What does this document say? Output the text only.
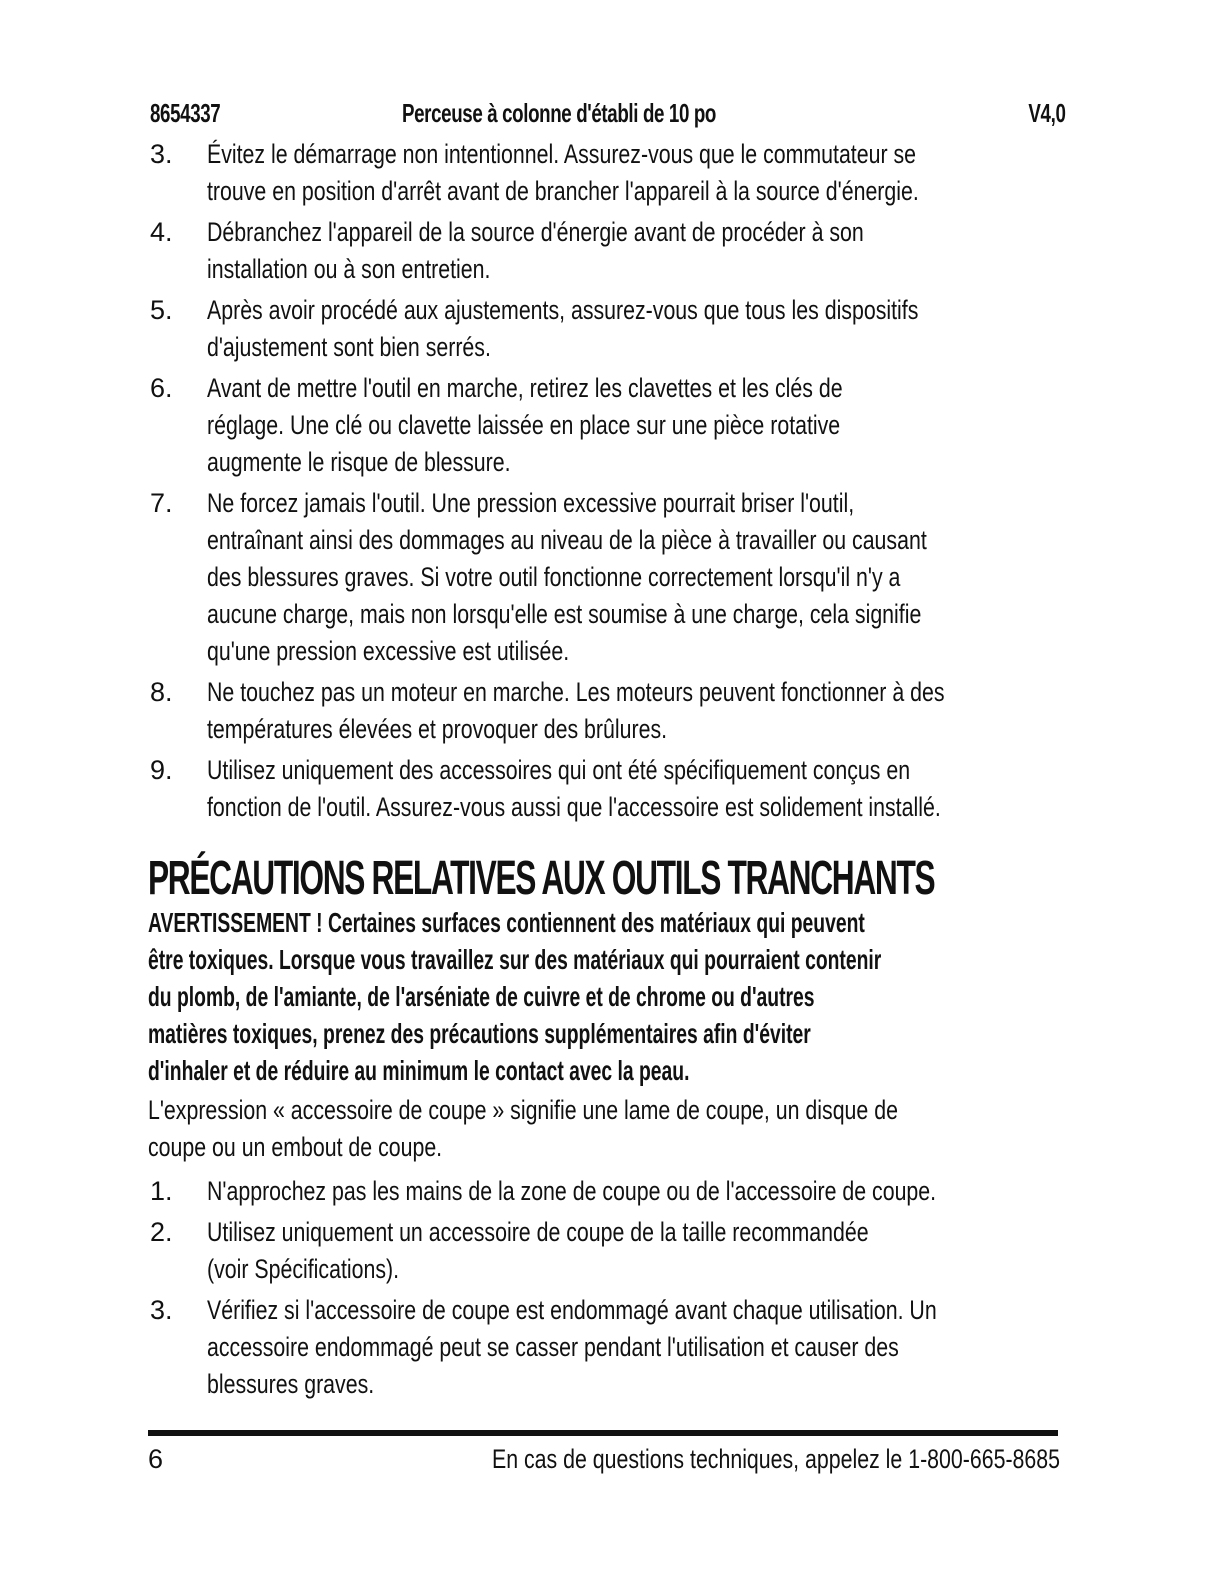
8654337	Perceuse à colonne d'établi de 10 po	V4,0
3. Évitez le démarrage non intentionnel. Assurez-vous que le commutateur se
trouve en position d'arrêt avant de brancher l'appareil à la source d'énergie.
4. Débranchez l'appareil de la source d'énergie avant de procéder à son
installation ou à son entretien.
5. Après avoir procédé aux ajustements, assurez-vous que tous les dispositifs
d'ajustement sont bien serrés.
6. Avant de mettre l'outil en marche, retirez les clavettes et les clés de
réglage. Une clé ou clavette laissée en place sur une pièce rotative
augmente le risque de blessure.
7. Ne forcez jamais l'outil. Une pression excessive pourrait briser l'outil,
entraînant ainsi des dommages au niveau de la pièce à travailler ou causant
des blessures graves. Si votre outil fonctionne correctement lorsqu'il n'y a
aucune charge, mais non lorsqu'elle est soumise à une charge, cela signifie
qu'une pression excessive est utilisée.
8. Ne touchez pas un moteur en marche. Les moteurs peuvent fonctionner à des
températures élevées et provoquer des brûlures.
9. Utilisez uniquement des accessoires qui ont été spécifiquement conçus en
fonction de l'outil. Assurez-vous aussi que l'accessoire est solidement installé.
PRÉCAUTIONS RELATIVES AUX OUTILS TRANCHANTS
AVERTISSEMENT ! Certaines surfaces contiennent des matériaux qui peuvent
être toxiques. Lorsque vous travaillez sur des matériaux qui pourraient contenir
du plomb, de l'amiante, de l'arséniate de cuivre et de chrome ou d'autres
matières toxiques, prenez des précautions supplémentaires afin d'éviter
d'inhaler et de réduire au minimum le contact avec la peau.
L'expression « accessoire de coupe » signifie une lame de coupe, un disque de
coupe ou un embout de coupe.
1. N'approchez pas les mains de la zone de coupe ou de l'accessoire de coupe.
2. Utilisez uniquement un accessoire de coupe de la taille recommandée
(voir Spécifications).
3. Vérifiez si l'accessoire de coupe est endommagé avant chaque utilisation. Un
accessoire endommagé peut se casser pendant l'utilisation et causer des
blessures graves.
6	En cas de questions techniques, appelez le 1-800-665-8685
